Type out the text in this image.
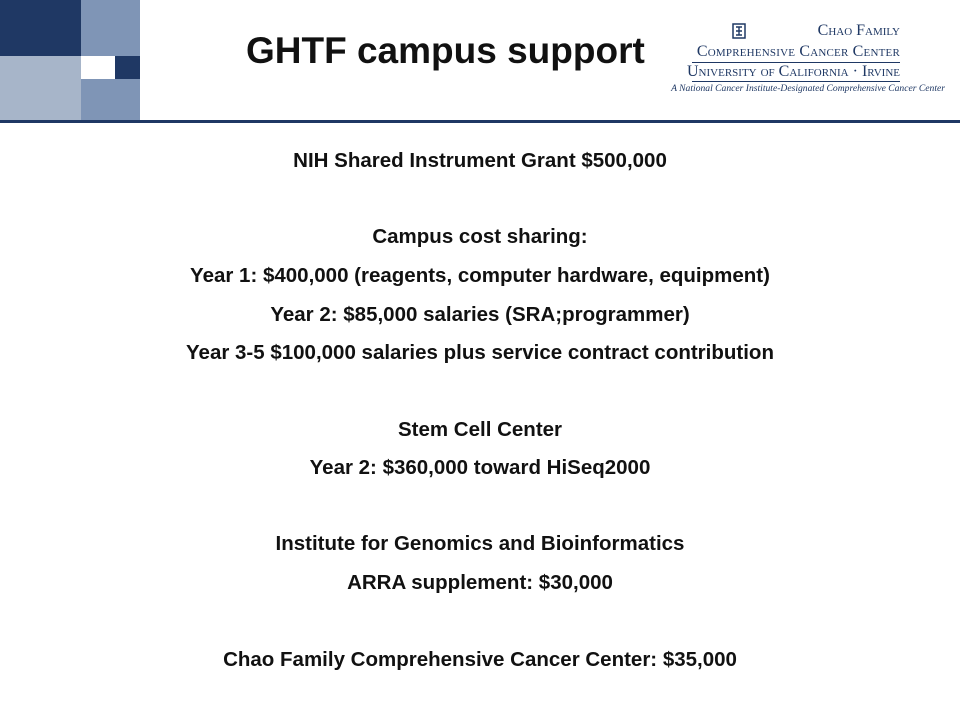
GHTF campus support	Chao Family
Comprehensive Cancer Center
University of California · Irvine
A National Cancer Institute-Designated Comprehensive Cancer Center
NIH Shared Instrument Grant $500,000
Campus cost sharing:
Year 1: $400,000 (reagents, computer hardware, equipment)
Year 2: $85,000 salaries (SRA;programmer)
Year 3-5 $100,000 salaries plus service contract contribution
Stem Cell Center
Year 2: $360,000 toward HiSeq2000
Institute for Genomics and Bioinformatics
ARRA supplement: $30,000
Chao Family Comprehensive Cancer Center: $35,000
